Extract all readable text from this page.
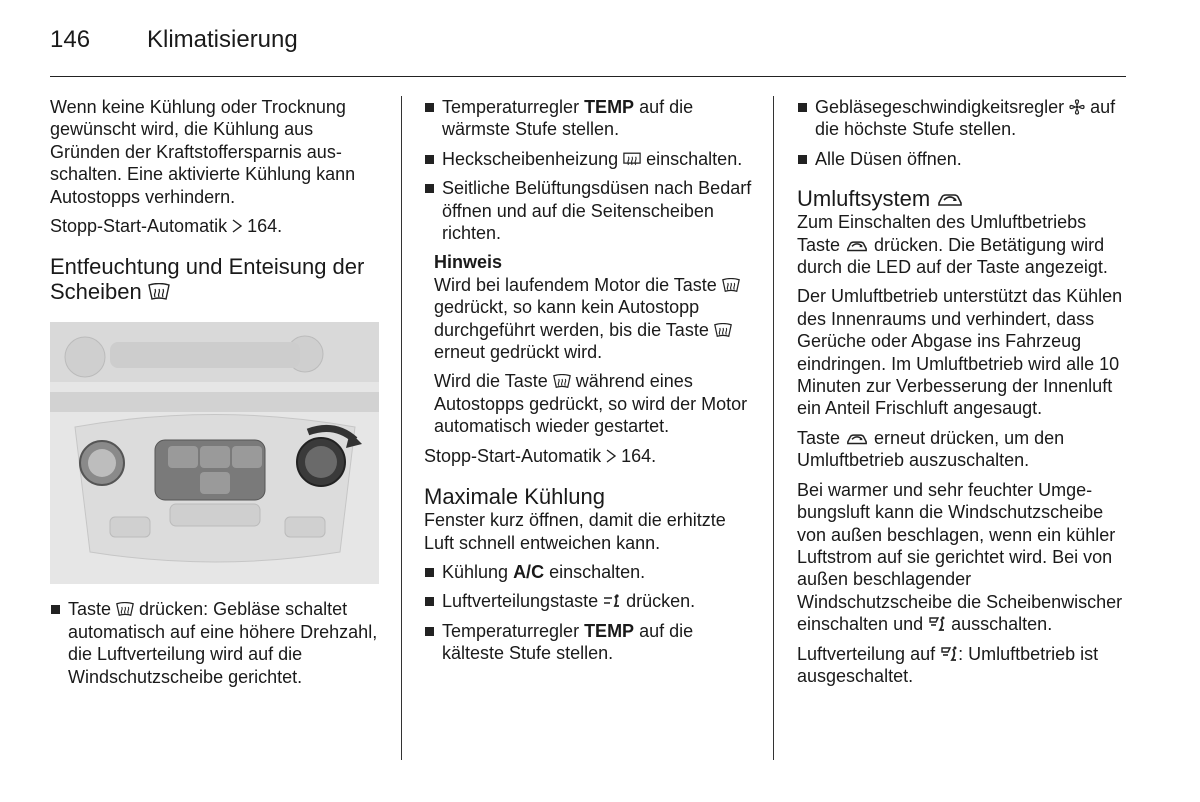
146 Klimatisierung

Wenn keine Kühlung oder Trocknung gewünscht wird, die Kühlung aus Gründen der Kraftstoffersparnis ausschalten. Eine aktivierte Kühlung kann Autostopps verhindern.

Stopp-Start-Automatik  164.

Entfeuchtung und Enteisung der Scheiben
Taste
drücken: Gebläse schaltet automatisch auf eine höhere Drehzahl, die Luftverteilung wird auf die Windschutzscheibe gerichtet.
Temperaturregler TEMP auf die wärmste Stufe stellen.
Heckscheibenheizung
einschalten.
Seitliche Belüftungsdüsen nach Bedarf öffnen und auf die Seitenscheiben richten.

Hinweis

Wird bei laufendem Motor die Taste
gedrückt, so kann kein Autostopp durchgeführt werden, bis die Taste
erneut gedrückt wird.

Wird die Taste
während eines Autostopps gedrückt, so wird der Motor automatisch wieder gestartet.

Stopp-Start-Automatik  164.

Maximale Kühlung

Fenster kurz öffnen, damit die erhitzte Luft schnell entweichen kann.

Kühlung A/C einschalten.
Luftverteilungstaste
drücken.
Temperaturregler TEMP auf die kälteste Stufe stellen.
Gebläsegeschwindigkeitsregler
auf die höchste Stufe stellen.
Alle Düsen öffnen.
Umluftsystem

Zum Einschalten des Umluftbetriebs Taste
drücken. Die Betätigung wird durch die LED auf der Taste angezeigt.

Der Umluftbetrieb unterstützt das Kühlen des Innenraums und verhindert, dass Gerüche oder Abgase ins Fahrzeug eindringen. Im Umluftbetrieb wird alle 10 Minuten zur Verbesserung der Innenluft ein Anteil Frischluft angesaugt.

Taste
erneut drücken, um den Umluftbetrieb auszuschalten.

Bei warmer und sehr feuchter Umgebungsluft kann die Windschutzscheibe von außen beschlagen, wenn ein kühler Luftstrom auf sie gerichtet wird. Bei von außen beschlagender Windschutzscheibe die Scheibenwischer einschalten und
ausschalten.

Luftverteilung auf : Umluftbetrieb ist ausgeschaltet.
